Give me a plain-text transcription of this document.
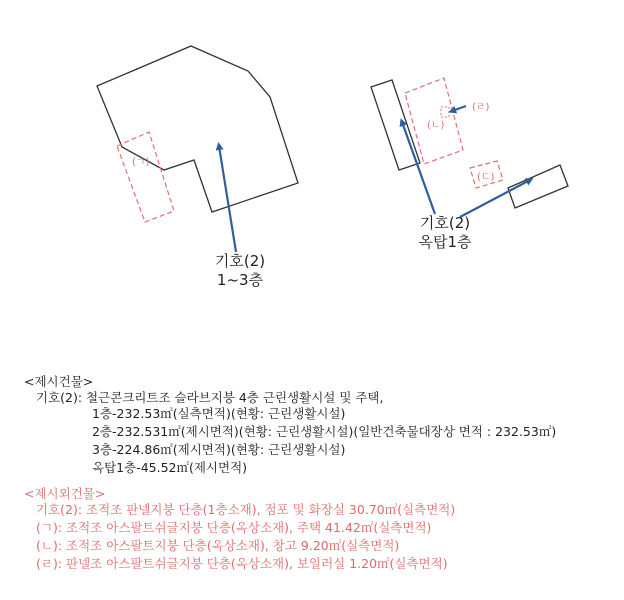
기호(2)
1~3층
기호(2)
옥탑1층
(ㄱ)
(ㄴ)
(ㄷ)
(ㄹ)
<제시건물>
기호(2): 철근콘크리트조 슬라브지붕 4층 근린생활시설 및 주택,
1층-232.53㎡(실측면적)(현황: 근린생활시설)
2층-232.531㎡(제시면적)(현황: 근린생활시설)(일반건축물대장상 면적 : 232.53㎡)
3층-224.86㎡(제시면적)(현황: 근린생활시설)
옥탑1층-45.52㎡(제시면적)
<제시외건물>
기호(2): 조적조 판넬지붕 단층(1층소재), 점포 및 화장실 30.70㎡(실측면적)
(ㄱ): 조적조 아스팔트쉬글지붕 단층(옥상소재), 주택 41.42㎡(실측면적)
(ㄴ): 조적조 아스팔트지붕 단층(옥상소재), 창고 9.20㎡(실측면적)
(ㄹ): 판넬조 아스팔트쉬글지붕 단층(옥상소재), 보일러실 1.20㎡(실측면적)
